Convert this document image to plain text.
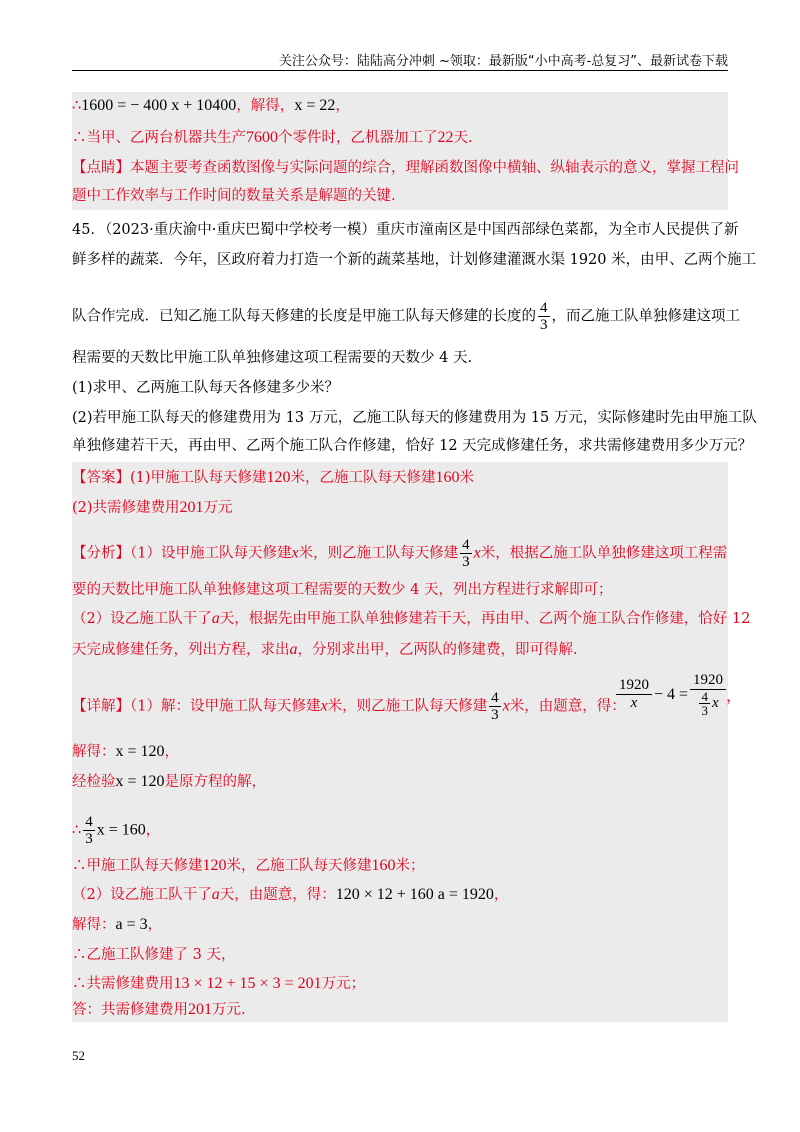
关注公众号：陆陆高分冲刺 ~领取：最新版“小中高考-总复习”、最新试卷下载
∴1600 = − 400 x + 10400，解得，x = 22，
∴当甲、乙两台机器共生产7600个零件时，乙机器加工了22天.
【点睛】本题主要考查函数图像与实际问题的综合，理解函数图像中横轴、纵轴表示的意义，掌握工程问
题中工作效率与工作时间的数量关系是解题的关键.
45．（2023·重庆渝中·重庆巴蜀中学校考一模）重庆市潼南区是中国西部绿色菜都，为全市人民提供了新
鲜多样的蔬菜．今年，区政府着力打造一个新的蔬菜基地，计划修建灌溉水渠 1920 米，由甲、乙两个施工
队合作完成．已知乙施工队每天修建的长度是甲施工队每天修建的长度的 $\frac{4}{3}$ ，而乙施工队单独修建这项工
程需要的天数比甲施工队单独修建这项工程需要的天数少 4 天.
(1)求甲、乙两施工队每天各修建多少米？
(2)若甲施工队每天的修建费用为 13 万元，乙施工队每天的修建费用为 15 万元，实际修建时先由甲施工队
单独修建若干天，再由甲、乙两个施工队合作修建，恰好 12 天完成修建任务，求共需修建费用多少万元？
【答案】(1)甲施工队每天修建120米，乙施工队每天修建160米
(2)共需修建费用201万元
【分析】（1）设甲施工队每天修建x米，则乙施工队每天修建 $\frac{4}{3}$ x米，根据乙施工队单独修建这项工程需
要的天数比甲施工队单独修建这项工程需要的天数少 4 天，列出方程进行求解即可；
（2）设乙施工队干了a天，根据先由甲施工队单独修建若干天，再由甲、乙两个施工队合作修建，恰好 12
天完成修建任务，列出方程，求出a，分别求出甲，乙两队的修建费，即可得解.
【详解】（1）解：设甲施工队每天修建x米，则乙施工队每天修建 $\frac{4}{3}$ x米，由题意，得：
$\frac{1920}{x} - 4 = \frac{1920}{\frac{4}{3} x}$ ，
解得：x = 120，
经检验x = 120是原方程的解，
∴ $\frac{4}{3}$ x = 160，
∴甲施工队每天修建120米，乙施工队每天修建160米；
（2）设乙施工队干了a天，由题意，得：120 × 12 + 160 a = 1920，
解得：a = 3，
∴乙施工队修建了 3 天，
∴共需修建费用13 × 12 + 15 × 3 = 201万元；
答：共需修建费用201万元.
52
